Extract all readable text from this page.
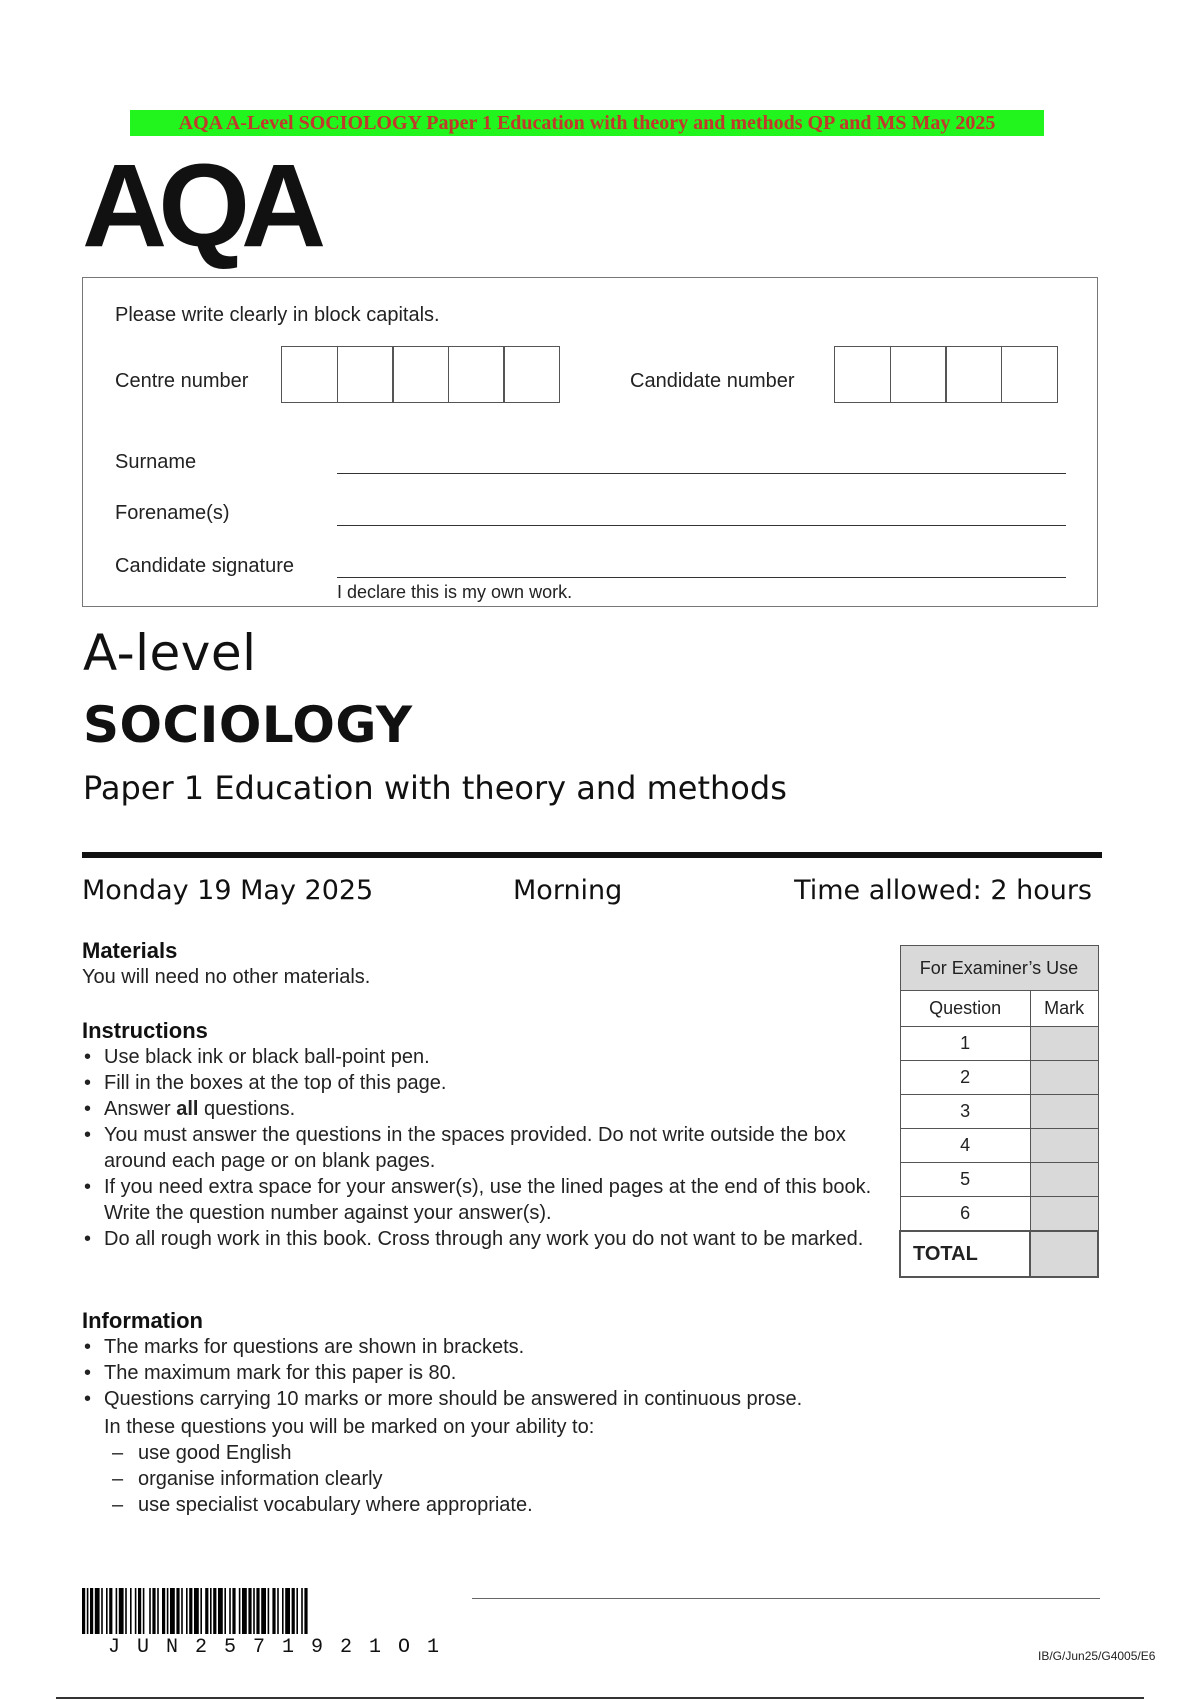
AQA A-Level SOCIOLOGY Paper 1 Education with theory and methods QP and MS May 2025
AQA
Please write clearly in block capitals.
Centre number	Candidate number
Surname
Forename(s)
Candidate signature
I declare this is my own work.
A-level
SOCIOLOGY
Paper 1 Education with theory and methods
Monday 19 May 2025	Morning	Time allowed: 2 hours
Materials
You will need no other materials.
Instructions
• Use black ink or black ball-point pen.
• Fill in the boxes at the top of this page.
• Answer all questions.
• You must answer the questions in the spaces provided. Do not write outside the box around each page or on blank pages.
• If you need extra space for your answer(s), use the lined pages at the end of this book. Write the question number against your answer(s).
• Do all rough work in this book. Cross through any work you do not want to be marked.
Information
• The marks for questions are shown in brackets.
• The maximum mark for this paper is 80.
• Questions carrying 10 marks or more should be answered in continuous prose.
In these questions you will be marked on your ability to:
– use good English
– organise information clearly
– use specialist vocabulary where appropriate.
For Examiner’s Use	
Question	Mark
1	
2	
3	
4	
5	
6	
TOTAL	
JUN2571921O1	IB/G/Jun25/G4005/E6
